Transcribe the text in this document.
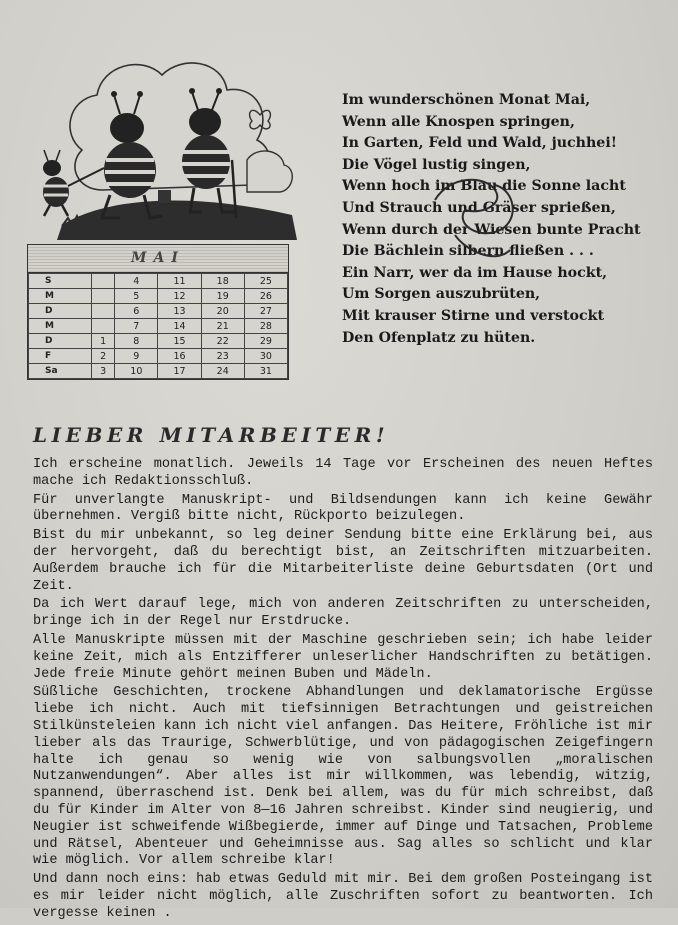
MAI
S		4	11	18	25
M		5	12	19	26
D		6	13	20	27
M		7	14	21	28
D	1	8	15	22	29
F	2	9	16	23	30
Sa	3	10	17	24	31
Im wunderschönen Monat Mai,
Wenn alle Knospen springen,
In Garten, Feld und Wald, juchhei!
Die Vögel lustig singen,
Wenn hoch im Blau die Sonne lacht
Und Strauch und Gräser sprießen,
Wenn durch der Wiesen bunte Pracht
Die Bächlein silbern fließen . . .
Ein Narr, wer da im Hause hockt,
Um Sorgen auszubrüten,
Mit krauser Stirne und verstockt
Den Ofenplatz zu hüten.
LIEBER MITARBEITER!

Ich erscheine monatlich. Jeweils 14 Tage vor Erscheinen des neuen Heftes mache ich Redaktionsschluß.

Für unverlangte Manuskript- und Bildsendungen kann ich keine Gewähr übernehmen. Vergiß bitte nicht, Rückporto beizulegen.

Bist du mir unbekannt, so leg deiner Sendung bitte eine Erklärung bei, aus der hervorgeht, daß du berechtigt bist, an Zeitschriften mitzuarbeiten. Außerdem brauche ich für die Mitarbeiterliste deine Geburtsdaten (Ort und Zeit.

Da ich Wert darauf lege, mich von anderen Zeitschriften zu unterscheiden, bringe ich in der Regel nur Erstdrucke.

Alle Manuskripte müssen mit der Maschine geschrieben sein; ich habe leider keine Zeit, mich als Entzifferer unleserlicher Handschriften zu betätigen. Jede freie Minute gehört meinen Buben und Mädeln.

Süßliche Geschichten, trockene Abhandlungen und deklamatorische Ergüsse liebe ich nicht. Auch mit tiefsinnigen Betrachtungen und geistreichen Stilkünsteleien kann ich nicht viel anfangen. Das Heitere, Fröhliche ist mir lieber als das Traurige, Schwerblütige, und von pädagogischen Zeigefingern halte ich genau so wenig wie von salbungsvollen „moralischen Nutzanwendungen“. Aber alles ist mir willkommen, was lebendig, witzig, spannend, überraschend ist. Denk bei allem, was du für mich schreibst, daß du für Kinder im Alter von 8—16 Jahren schreibst. Kinder sind neugierig, und Neugier ist schweifende Wißbegierde, immer auf Dinge und Tatsachen, Probleme und Rätsel, Abenteuer und Geheimnisse aus. Sag alles so schlicht und klar wie möglich. Vor allem schreibe klar!

Und dann noch eins: hab etwas Geduld mit mir. Bei dem großen Posteingang ist es mir leider nicht möglich, alle Zuschriften sofort zu beantworten. Ich vergesse keinen .
